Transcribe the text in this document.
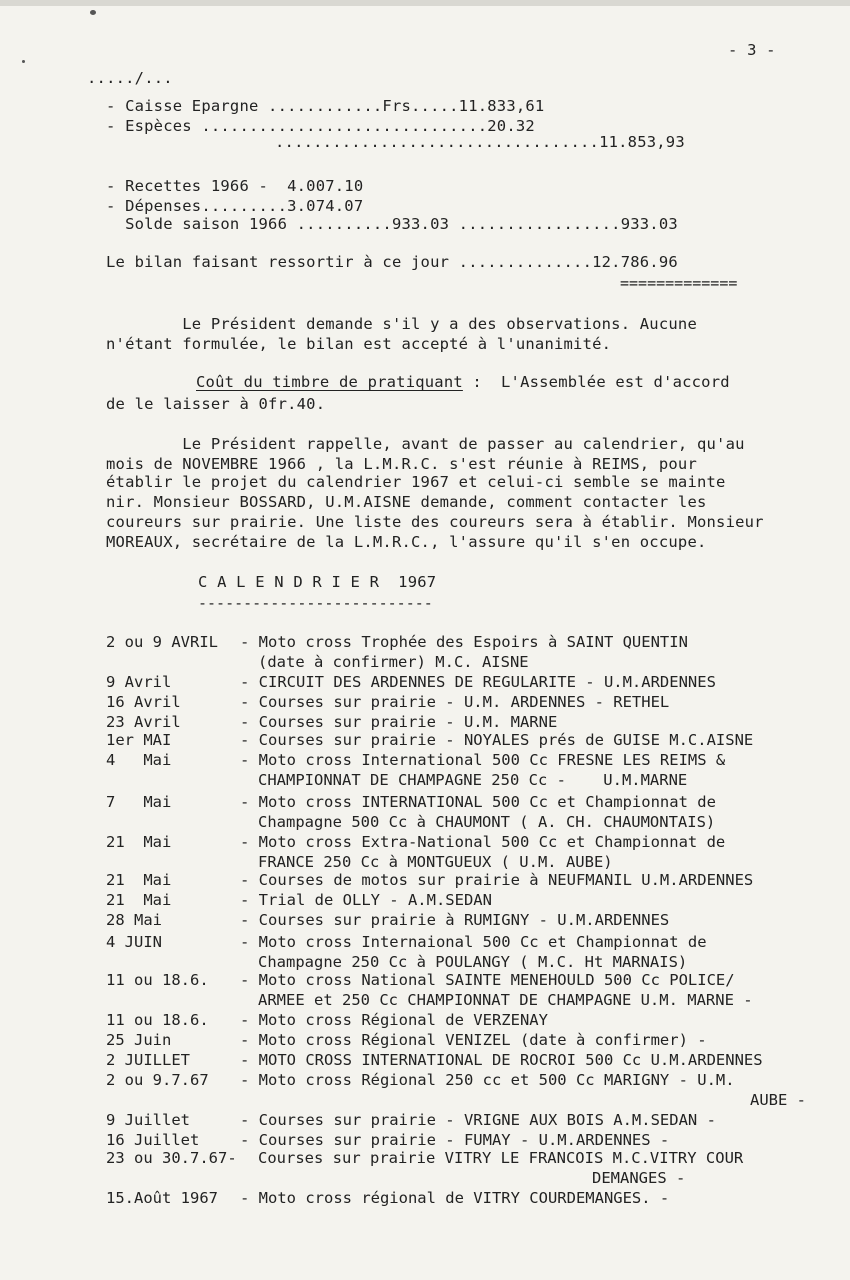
- 3 -
...../...
- Caisse Epargne ............Frs.....11.833,61
- Espèces ..............................20.32
..................................11.853,93
- Recettes 1966 -  4.007.10
- Dépenses.........3.074.07
Solde saison 1966 ..........933.03 .................933.03
Le bilan faisant ressortir à ce jour ..............12.786.96
=============
Le Président demande s'il y a des observations. Aucune
n'étant formulée, le bilan est accepté à l'unanimité.
Coût du timbre de pratiquant :  L'Assemblée est d'accord
de le laisser à 0fr.40.
Le Président rappelle, avant de passer au calendrier, qu'au
mois de NOVEMBRE 1966 , la L.M.R.C. s'est réunie à REIMS, pour
établir le projet du calendrier 1967 et celui-ci semble se mainte
nir. Monsieur BOSSARD, U.M.AISNE demande, comment contacter les
coureurs sur prairie. Une liste des coureurs sera à établir. Monsieur
MOREAUX, secrétaire de la L.M.R.C., l'assure qu'il s'en occupe.
C A L E N D R I E R  1967
--------------------------
2 ou 9 AVRIL - Moto cross Trophée des Espoirs à SAINT QUENTIN
(date à confirmer) M.C. AISNE
9 Avril	- CIRCUIT DES ARDENNES DE REGULARITE - U.M.ARDENNES
16 Avril	- Courses sur prairie - U.M. ARDENNES - RETHEL
23 Avril	- Courses sur prairie - U.M. MARNE
1er MAI	- Courses sur prairie - NOYALES prés de GUISE M.C.AISNE
4   Mai	- Moto cross International 500 Cc FRESNE LES REIMS &
CHAMPIONNAT DE CHAMPAGNE 250 Cc -    U.M.MARNE
7   Mai	- Moto cross INTERNATIONAL 500 Cc et Championnat de
Champagne 500 Cc à CHAUMONT ( A. CH. CHAUMONTAIS)
21  Mai	- Moto cross Extra-National 500 Cc et Championnat de
FRANCE 250 Cc à MONTGUEUX ( U.M. AUBE)
21  Mai	- Courses de motos sur prairie à NEUFMANIL U.M.ARDENNES
21  Mai	- Trial de OLLY - A.M.SEDAN
28 Mai	- Courses sur prairie à RUMIGNY - U.M.ARDENNES
4 JUIN	- Moto cross Internaional 500 Cc et Championnat de
Champagne 250 Cc à POULANGY ( M.C. Ht MARNAIS)
11 ou 18.6. - Moto cross National SAINTE MENEHOULD 500 Cc POLICE/
ARMEE et 250 Cc CHAMPIONNAT DE CHAMPAGNE U.M. MARNE -
11 ou 18.6. - Moto cross Régional de VERZENAY
25 Juin	- Moto cross Régional VENIZEL (date à confirmer) -
2 JUILLET	- MOTO CROSS INTERNATIONAL DE ROCROI 500 Cc U.M.ARDENNES
2 ou 9.7.67 - Moto cross Régional 250 cc et 500 Cc MARIGNY - U.M.
AUBE -
9 Juillet	- Courses sur prairie - VRIGNE AUX BOIS A.M.SEDAN -
16 Juillet	- Courses sur prairie - FUMAY - U.M.ARDENNES -
23 ou 30.7.67- Courses sur prairie VITRY LE FRANCOIS M.C.VITRY COUR
DEMANGES -
15.Août 1967 - Moto cross régional de VITRY COURDEMANGES. -
